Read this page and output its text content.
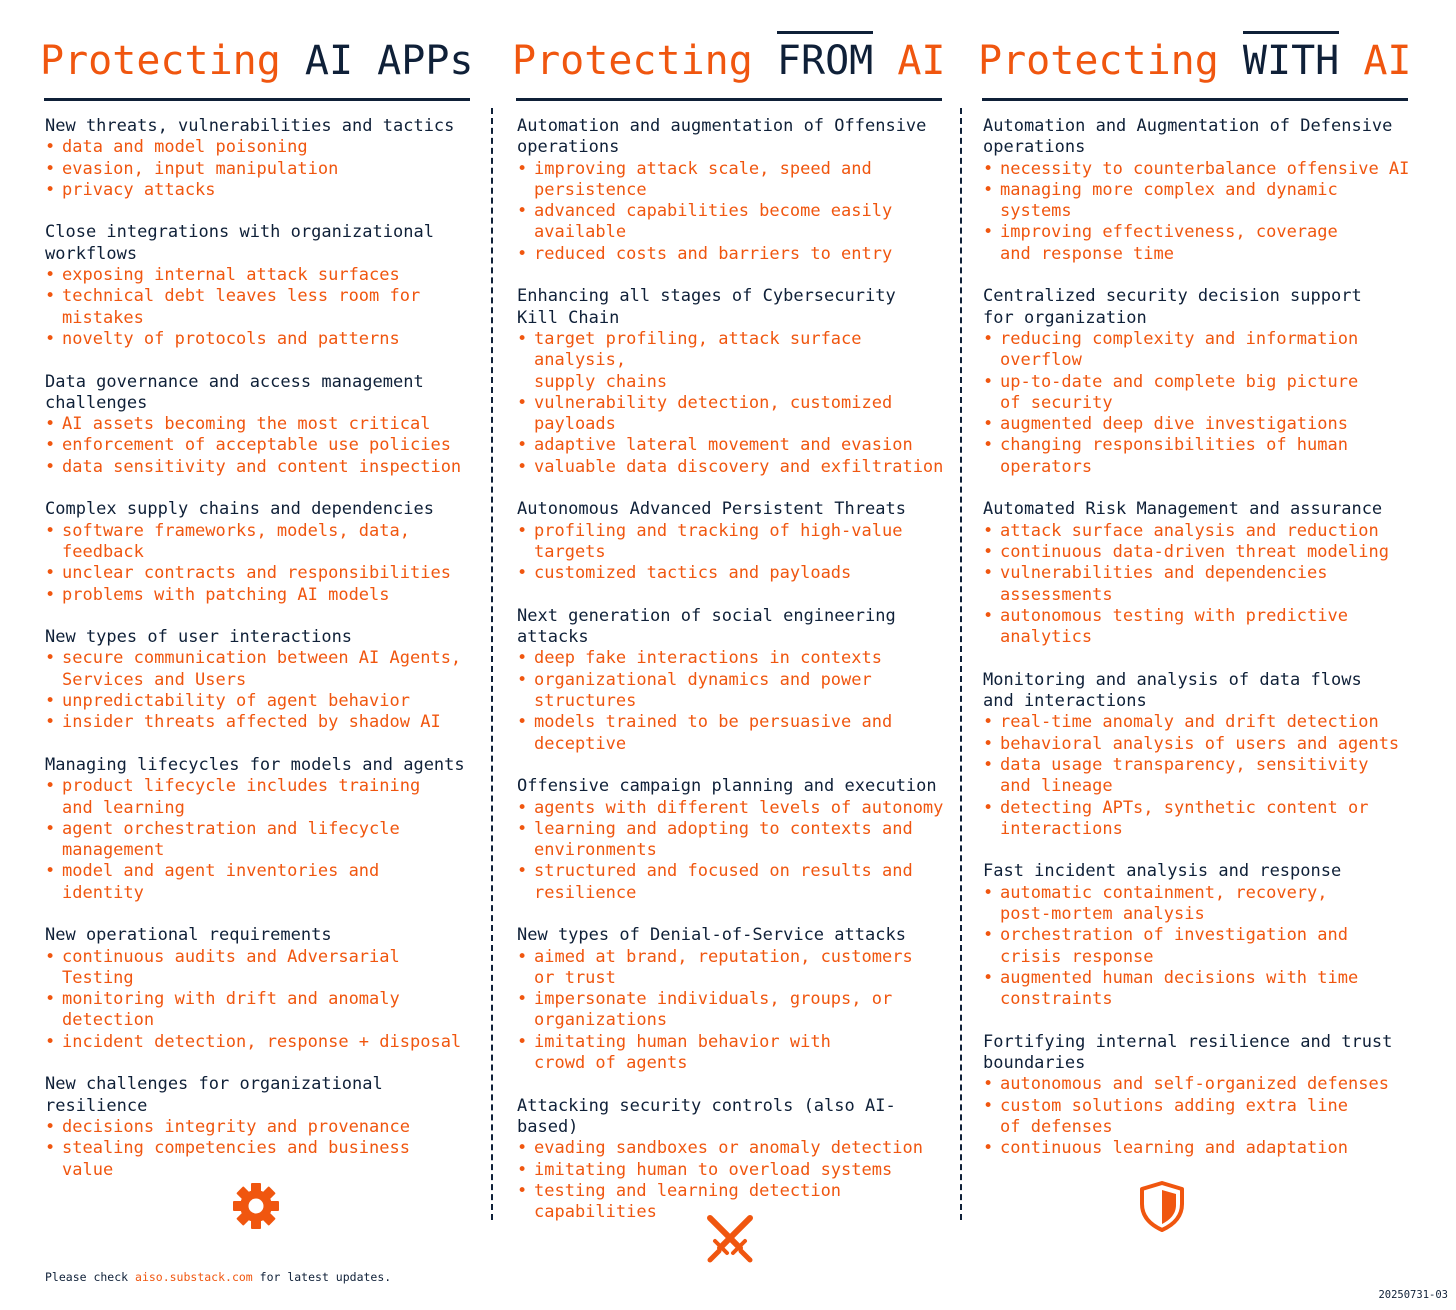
Protecting AI APPs
New threats, vulnerabilities and tactics
• data and model poisoning
• evasion, input manipulation
• privacy attacks
Close integrations with organizational
workflows
• exposing internal attack surfaces
• technical debt leaves less room for
mistakes
• novelty of protocols and patterns
Data governance and access management
challenges
• AI assets becoming the most critical
• enforcement of acceptable use policies
• data sensitivity and content inspection
Complex supply chains and dependencies
• software frameworks, models, data,
feedback
• unclear contracts and responsibilities
• problems with patching AI models
New types of user interactions
• secure communication between AI Agents,
Services and Users
• unpredictability of agent behavior
• insider threats affected by shadow AI
Managing lifecycles for models and agents
• product lifecycle includes training
and learning
• agent orchestration and lifecycle
management
• model and agent inventories and identity
New operational requirements
• continuous audits and Adversarial
Testing
• monitoring with drift and anomaly
detection
• incident detection, response + disposal
New challenges for organizational
resilience
• decisions integrity and provenance
• stealing competencies and business
value
Protecting FROM AI
Automation and augmentation of Offensive
operations
• improving attack scale, speed and
persistence
• advanced capabilities become easily
available
• reduced costs and barriers to entry
Enhancing all stages of Cybersecurity
Kill Chain
• target profiling, attack surface analysis,
supply chains
• vulnerability detection, customized
payloads
• adaptive lateral movement and evasion
• valuable data discovery and exfiltration
Autonomous Advanced Persistent Threats
• profiling and tracking of high-value
targets
• customized tactics and payloads
Next generation of social engineering
attacks
• deep fake interactions in contexts
• organizational dynamics and power
structures
• models trained to be persuasive and
deceptive
Offensive campaign planning and execution
• agents with different levels of autonomy
• learning and adopting to contexts and
environments
• structured and focused on results and
resilience
New types of Denial-of-Service attacks
• aimed at brand, reputation, customers
or trust
• impersonate individuals, groups, or
organizations
• imitating human behavior with
crowd of agents
Attacking security controls (also AI-based)
• evading sandboxes or anomaly detection
• imitating human to overload systems
• testing and learning detection
capabilities
Protecting WITH AI
Automation and Augmentation of Defensive
operations
• necessity to counterbalance offensive AI
• managing more complex and dynamic systems
• improving effectiveness, coverage
and response time
Centralized security decision support
for organization
• reducing complexity and information
overflow
• up-to-date and complete big picture
of security
• augmented deep dive investigations
• changing responsibilities of human
operators
Automated Risk Management and assurance
• attack surface analysis and reduction
• continuous data-driven threat modeling
• vulnerabilities and dependencies
assessments
• autonomous testing with predictive
analytics
Monitoring and analysis of data flows
and interactions
• real-time anomaly and drift detection
• behavioral analysis of users and agents
• data usage transparency, sensitivity
and lineage
• detecting APTs, synthetic content or
interactions
Fast incident analysis and response
• automatic containment, recovery,
post-mortem analysis
• orchestration of investigation and
crisis response
• augmented human decisions with time
constraints
Fortifying internal resilience and trust
boundaries
• autonomous and self-organized defenses
• custom solutions adding extra line
of defenses
• continuous learning and adaptation
Please check aiso.substack.com for latest updates.
20250731-03
